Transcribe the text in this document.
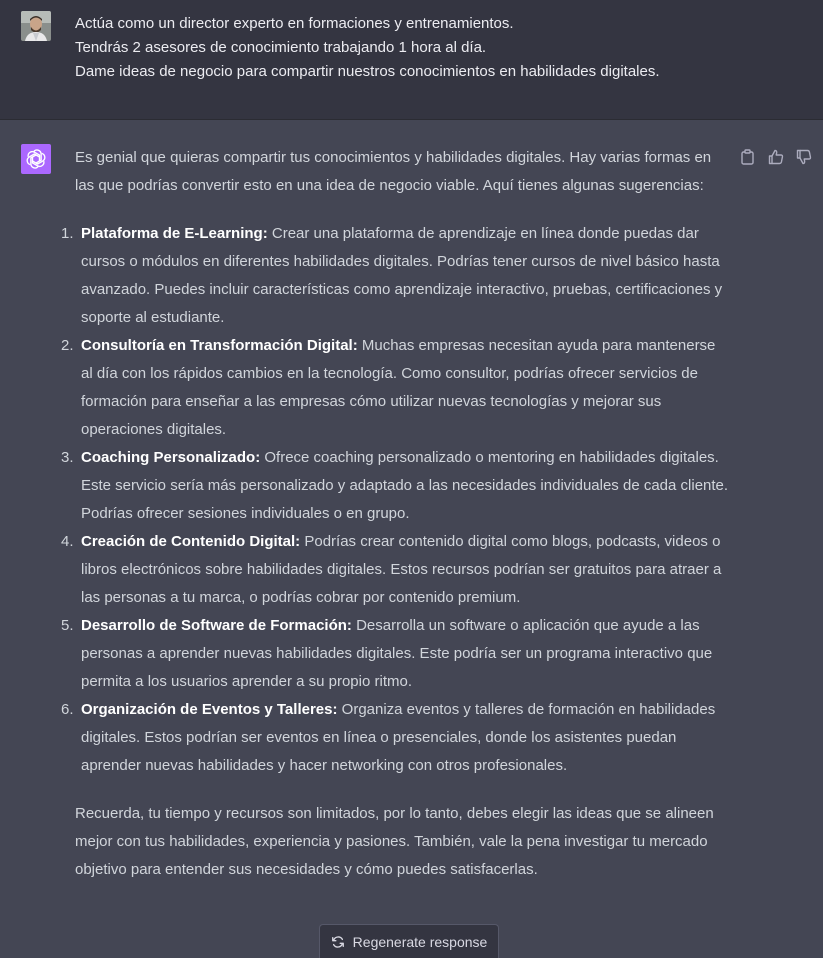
Actúa como un director experto en formaciones y entrenamientos.
Tendrás 2 asesores de conocimiento trabajando 1 hora al día.
Dame ideas de negocio para compartir nuestros conocimientos en habilidades digitales.

Es genial que quieras compartir tus conocimientos y habilidades digitales. Hay varias formas en las que podrías convertir esto en una idea de negocio viable. Aquí tienes algunas sugerencias:

1. Plataforma de E-Learning: Crear una plataforma de aprendizaje en línea donde puedas dar cursos o módulos en diferentes habilidades digitales. Podrías tener cursos de nivel básico hasta avanzado. Puedes incluir características como aprendizaje interactivo, pruebas, certificaciones y soporte al estudiante.
2. Consultoría en Transformación Digital: Muchas empresas necesitan ayuda para mantenerse al día con los rápidos cambios en la tecnología. Como consultor, podrías ofrecer servicios de formación para enseñar a las empresas cómo utilizar nuevas tecnologías y mejorar sus operaciones digitales.
3. Coaching Personalizado: Ofrece coaching personalizado o mentoring en habilidades digitales. Este servicio sería más personalizado y adaptado a las necesidades individuales de cada cliente. Podrías ofrecer sesiones individuales o en grupo.
4. Creación de Contenido Digital: Podrías crear contenido digital como blogs, podcasts, videos o libros electrónicos sobre habilidades digitales. Estos recursos podrían ser gratuitos para atraer a las personas a tu marca, o podrías cobrar por contenido premium.
5. Desarrollo de Software de Formación: Desarrolla un software o aplicación que ayude a las personas a aprender nuevas habilidades digitales. Este podría ser un programa interactivo que permita a los usuarios aprender a su propio ritmo.
6. Organización de Eventos y Talleres: Organiza eventos y talleres de formación en habilidades digitales. Estos podrían ser eventos en línea o presenciales, donde los asistentes puedan aprender nuevas habilidades y hacer networking con otros profesionales.

Recuerda, tu tiempo y recursos son limitados, por lo tanto, debes elegir las ideas que se alineen mejor con tus habilidades, experiencia y pasiones. También, vale la pena investigar tu mercado objetivo para entender sus necesidades y cómo puedes satisfacerlas.

Regenerate response
